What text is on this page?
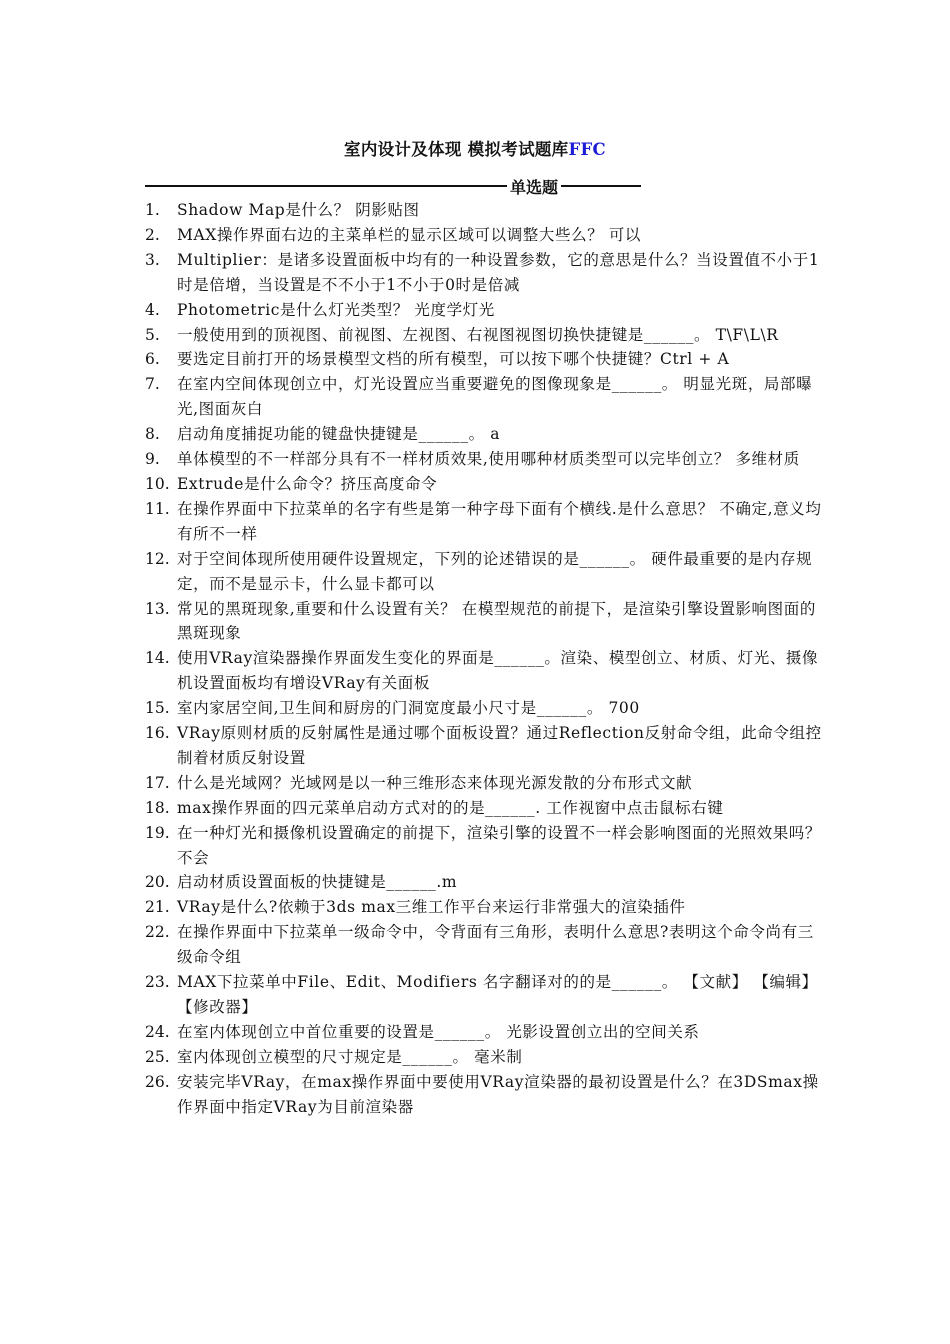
室内设计及体现 模拟考试题库FFC
单选题
1.	Shadow Map是什么？ 阴影贴图
2.	MAX操作界面右边的主菜单栏的显示区域可以调整大些么？ 可以
3.	Multiplier：是诸多设置面板中均有的一种设置参数，它的意思是什么？当设置值不小于1时是倍增，当设置是不不小于1不小于0时是倍减
4.	Photometric是什么灯光类型？ 光度学灯光
5.	一般使用到的顶视图、前视图、左视图、右视图视图切换快捷键是______。 T\F\L\R
6.	要选定目前打开的场景模型文档的所有模型，可以按下哪个快捷键？Ctrl + A
7.	在室内空间体现创立中，灯光设置应当重要避免的图像现象是______。 明显光斑，局部曝光,图面灰白
8.	启动角度捕捉功能的键盘快捷键是______。 a
9.	单体模型的不一样部分具有不一样材质效果,使用哪种材质类型可以完毕创立？ 多维材质
10. Extrude是什么命令？挤压高度命令
11. 在操作界面中下拉菜单的名字有些是第一种字母下面有个横线.是什么意思？ 不确定,意义均有所不一样
12. 对于空间体现所使用硬件设置规定，下列的论述错误的是______。 硬件最重要的是内存规定，而不是显示卡，什么显卡都可以
13. 常见的黑斑现象,重要和什么设置有关？ 在模型规范的前提下，是渲染引擎设置影响图面的黑斑现象
14. 使用VRay渲染器操作界面发生变化的界面是______。渲染、模型创立、材质、灯光、摄像机设置面板均有增设VRay有关面板
15. 室内家居空间,卫生间和厨房的门洞宽度最小尺寸是______。 700
16. VRay原则材质的反射属性是通过哪个面板设置？通过Reflection反射命令组，此命令组控制着材质反射设置
17. 什么是光域网？光域网是以一种三维形态来体现光源发散的分布形式文献
18. max操作界面的四元菜单启动方式对的的是______. 工作视窗中点击鼠标右键
19. 在一种灯光和摄像机设置确定的前提下，渲染引擎的设置不一样会影响图面的光照效果吗？ 不会
20. 启动材质设置面板的快捷键是______.m
21. VRay是什么?依赖于3ds max三维工作平台来运行非常强大的渲染插件
22. 在操作界面中下拉菜单一级命令中，令背面有三角形，表明什么意思?表明这个命令尚有三级命令组
23. MAX下拉菜单中File、Edit、Modifiers 名字翻译对的的是______。 【文献】 【编辑】【修改器】
24. 在室内体现创立中首位重要的设置是______。 光影设置创立出的空间关系
25. 室内体现创立模型的尺寸规定是______。 毫米制
26. 安装完毕VRay，在max操作界面中要使用VRay渲染器的最初设置是什么？在3DSmax操作界面中指定VRay为目前渲染器
